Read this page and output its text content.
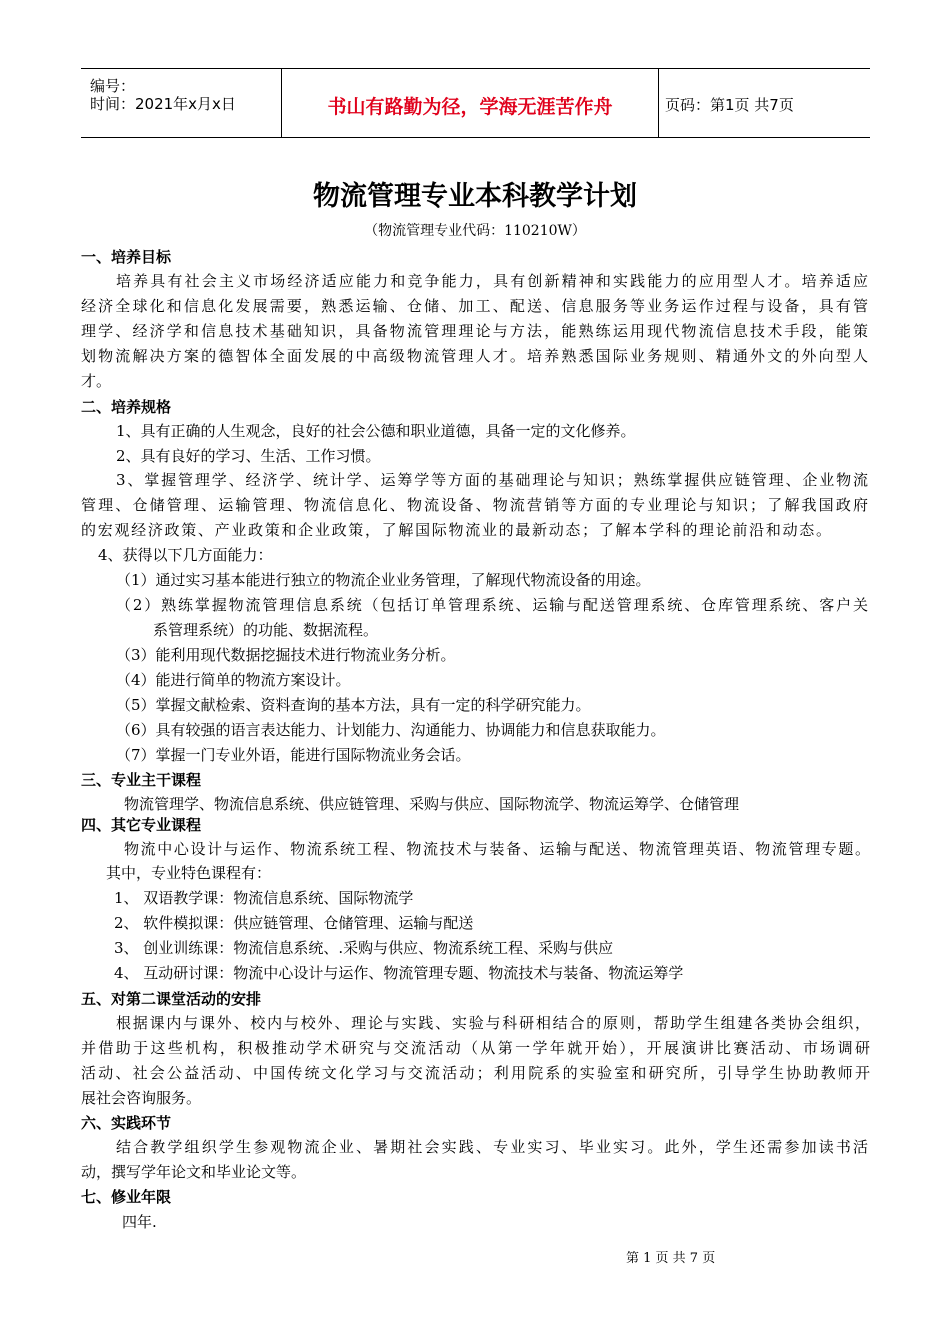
编号：
时间：2021年x月x日	书山有路勤为径，学海无涯苦作舟	页码：第1页 共7页
物流管理专业本科教学计划
（物流管理专业代码：110210W）
一、培养目标
培养具有社会主义市场经济适应能力和竞争能力，具有创新精神和实践能力的应用型人才。培养适应
经济全球化和信息化发展需要，熟悉运输、仓储、加工、配送、信息服务等业务运作过程与设备，具有管
理学、经济学和信息技术基础知识，具备物流管理理论与方法，能熟练运用现代物流信息技术手段，能策
划物流解决方案的德智体全面发展的中高级物流管理人才。培养熟悉国际业务规则、精通外文的外向型人
才。
二、培养规格
1、具有正确的人生观念，良好的社会公德和职业道德，具备一定的文化修养。
2、具有良好的学习、生活、工作习惯。
3、掌握管理学、经济学、统计学、运筹学等方面的基础理论与知识；熟练掌握供应链管理、企业物流
管理、仓储管理、运输管理、物流信息化、物流设备、物流营销等方面的专业理论与知识；了解我国政府
的宏观经济政策、产业政策和企业政策，了解国际物流业的最新动态；了解本学科的理论前沿和动态。
4、获得以下几方面能力：
（1）通过实习基本能进行独立的物流企业业务管理，了解现代物流设备的用途。
（2）熟练掌握物流管理信息系统（包括订单管理系统、运输与配送管理系统、仓库管理系统、客户关
系管理系统）的功能、数据流程。
（3）能利用现代数据挖掘技术进行物流业务分析。
（4）能进行简单的物流方案设计。
（5）掌握文献检索、资料查询的基本方法，具有一定的科学研究能力。
（6）具有较强的语言表达能力、计划能力、沟通能力、协调能力和信息获取能力。
（7）掌握一门专业外语，能进行国际物流业务会话。
三、专业主干课程
物流管理学、物流信息系统、供应链管理、采购与供应、国际物流学、物流运筹学、仓储管理
四、其它专业课程
物流中心设计与运作、物流系统工程、物流技术与装备、运输与配送、物流管理英语、物流管理专题。
其中，专业特色课程有：
1、 双语教学课：物流信息系统、国际物流学
2、 软件模拟课：供应链管理、仓储管理、运输与配送
3、 创业训练课：物流信息系统、.采购与供应、物流系统工程、采购与供应
4、 互动研讨课：物流中心设计与运作、物流管理专题、物流技术与装备、物流运筹学
五、对第二课堂活动的安排
根据课内与课外、校内与校外、理论与实践、实验与科研相结合的原则，帮助学生组建各类协会组织，
并借助于这些机构，积极推动学术研究与交流活动（从第一学年就开始），开展演讲比赛活动、市场调研
活动、社会公益活动、中国传统文化学习与交流活动；利用院系的实验室和研究所，引导学生协助教师开
展社会咨询服务。
六、实践环节
结合教学组织学生参观物流企业、暑期社会实践、专业实习、毕业实习。此外，学生还需参加读书活
动，撰写学年论文和毕业论文等。
七、修业年限
四年.
第 1 页 共 7 页
